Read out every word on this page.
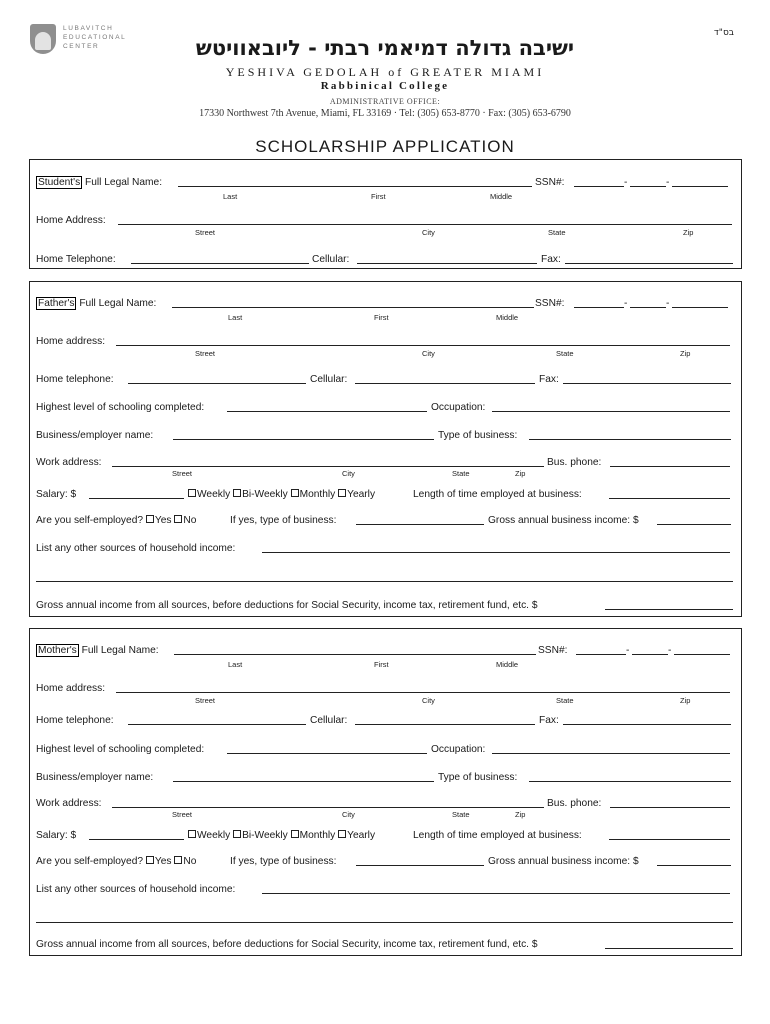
LUBAVITCH
EDUCATIONAL
CENTER
בס"ד
ישיבה גדולה דמיאמי רבתי - ליובאוויטש
YESHIVA GEDOLAH of GREATER MIAMI
Rabbinical College
ADMINISTRATIVE OFFICE:
17330 Northwest 7th Avenue, Miami, FL 33169 · Tel: (305) 653-8770 · Fax: (305) 653-6790
SCHOLARSHIP APPLICATION
Student's Full Legal Name:	SSN#:	-	-
Last	First	Middle
Home Address:
Street	City	State	Zip
Home Telephone:	Cellular:	Fax:
Father's Full Legal Name:	SSN#:	-	-
Last	First	Middle
Home address:
Street	City	State	Zip
Home telephone:	Cellular:	Fax:
Highest level of schooling completed:	Occupation:
Business/employer name:	Type of business:
Work address:	Bus. phone:
Street	City	State	Zip
Salary: $	Weekly Bi-Weekly Monthly Yearly	Length of time employed at business:
Are you self-employed? Yes No	If yes, type of business:	Gross annual business income: $
List any other sources of household income:
Gross annual income from all sources, before deductions for Social Security, income tax, retirement fund, etc. $
Mother's Full Legal Name:	SSN#:	-	-
Last	First	Middle
Home address:
Street	City	State	Zip
Home telephone:	Cellular:	Fax:
Highest level of schooling completed:	Occupation:
Business/employer name:	Type of business:
Work address:	Bus. phone:
Street	City	State	Zip
Salary: $	Weekly Bi-Weekly Monthly Yearly	Length of time employed at business:
Are you self-employed? Yes No	If yes, type of business:	Gross annual business income: $
List any other sources of household income:
Gross annual income from all sources, before deductions for Social Security, income tax, retirement fund, etc. $
